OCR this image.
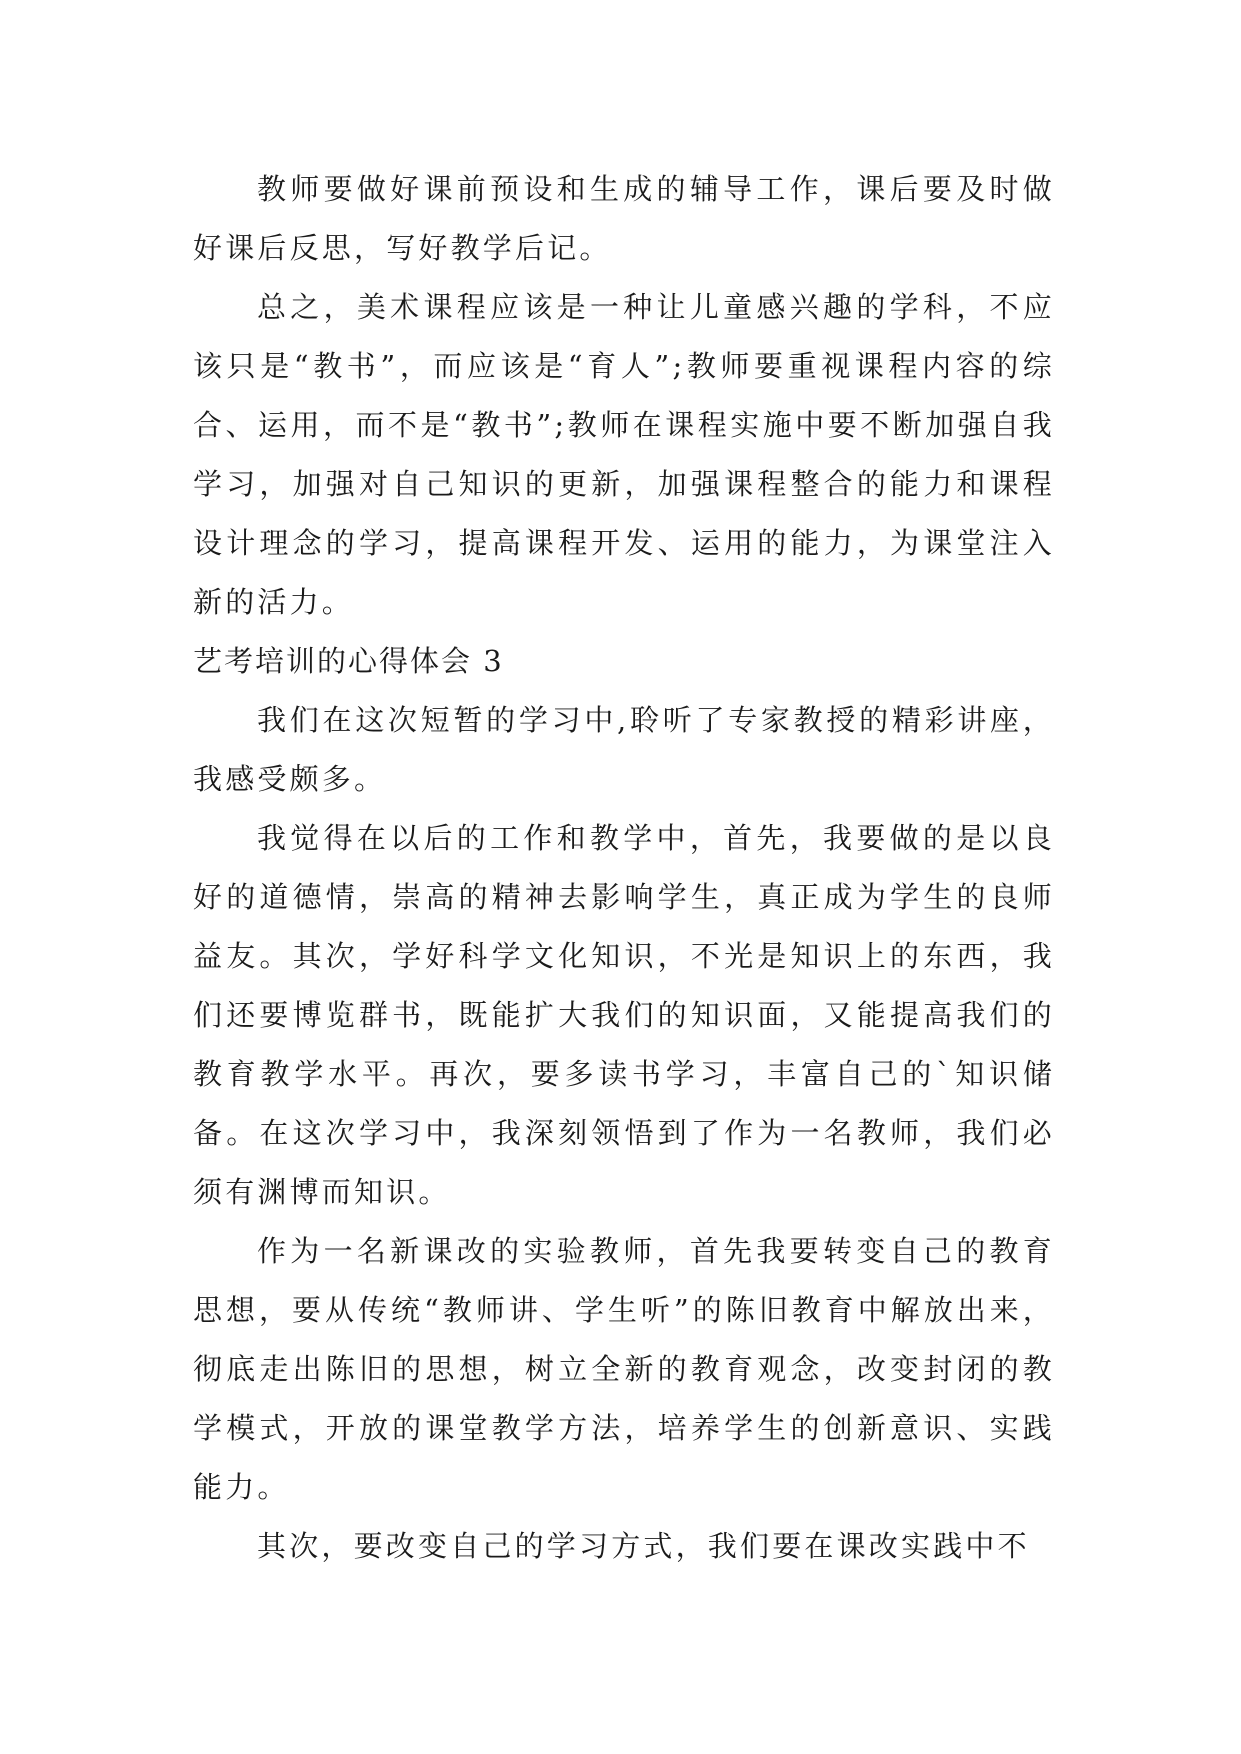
教师要做好课前预设和生成的辅导工作，课后要及时做好课后反思，写好教学后记。

总之，美术课程应该是一种让儿童感兴趣的学科，不应该只是“教书”，而应该是“育人”;教师要重视课程内容的综合、运用，而不是“教书”;教师在课程实施中要不断加强自我学习，加强对自己知识的更新，加强课程整合的能力和课程设计理念的学习，提高课程开发、运用的能力，为课堂注入新的活力。

艺考培训的心得体会 3

我们在这次短暂的学习中,聆听了专家教授的精彩讲座，我感受颇多。

我觉得在以后的工作和教学中，首先，我要做的是以良好的道德情，崇高的精神去影响学生，真正成为学生的良师益友。其次，学好科学文化知识，不光是知识上的东西，我们还要博览群书，既能扩大我们的知识面，又能提高我们的教育教学水平。再次，要多读书学习，丰富自己的`知识储备。在这次学习中，我深刻领悟到了作为一名教师，我们必须有渊博而知识。

作为一名新课改的实验教师，首先我要转变自己的教育思想，要从传统“教师讲、学生听”的陈旧教育中解放出来，彻底走出陈旧的思想，树立全新的教育观念，改变封闭的教学模式，开放的课堂教学方法，培养学生的创新意识、实践能力。

其次，要改变自己的学习方式，我们要在课改实践中不
